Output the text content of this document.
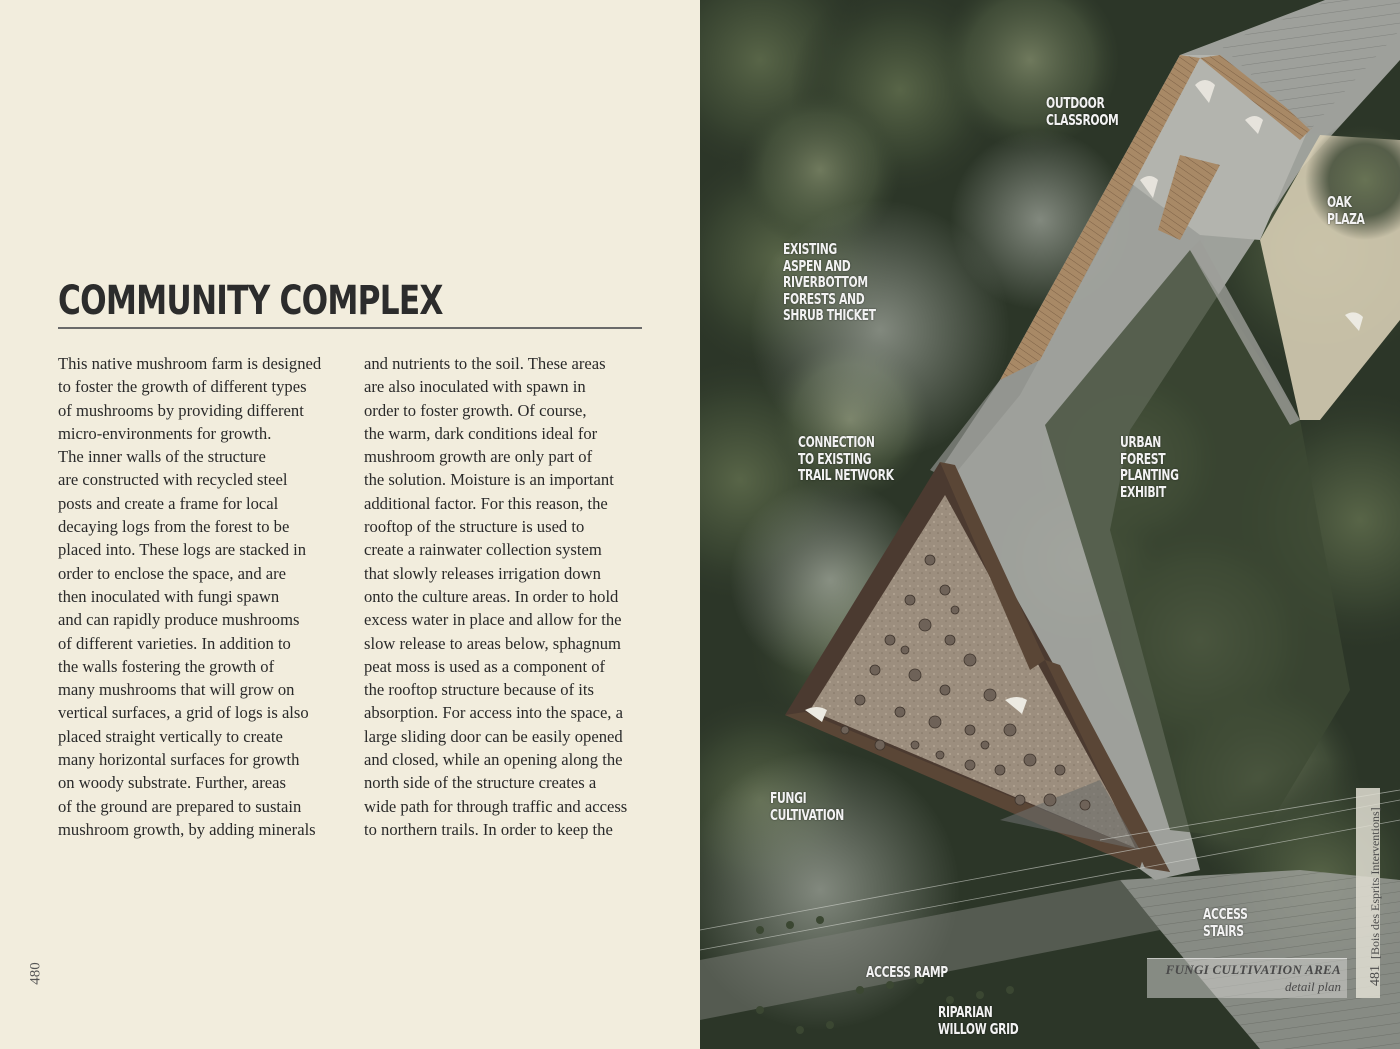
COMMUNITY COMPLEX
This native mushroom farm is designed
to foster the growth of different types
of mushrooms by providing different
micro-environments for growth.
The inner walls of the structure
are constructed with recycled steel
posts and create a frame for local
decaying logs from the forest to be
placed into. These logs are stacked in
order to enclose the space, and are
then inoculated with fungi spawn
and can rapidly produce mushrooms
of different varieties. In addition to
the walls fostering the growth of
many mushrooms that will grow on
vertical surfaces, a grid of logs is also
placed straight vertically to create
many horizontal surfaces for growth
on woody substrate. Further, areas
of the ground are prepared to sustain
mushroom growth, by adding minerals
and nutrients to the soil. These areas
are also inoculated with spawn in
order to foster growth. Of course,
the warm, dark conditions ideal for
mushroom growth are only part of
the solution. Moisture is an important
additional factor. For this reason, the
rooftop of the structure is used to
create a rainwater collection system
that slowly releases irrigation down
onto the culture areas. In order to hold
excess water in place and allow for the
slow release to areas below, sphagnum
peat moss is used as a component of
the rooftop structure because of its
absorption. For access into the space, a
large sliding door can be easily opened
and closed, while an opening along the
north side of the structure creates a
wide path for through traffic and access
to northern trails. In order to keep the
480
OUTDOOR
CLASSROOM
OAK
PLAZA
EXISTING
ASPEN AND
RIVERBOTTOM
FORESTS AND
SHRUB THICKET
CONNECTION
TO EXISTING
TRAIL NETWORK
URBAN
FOREST
PLANTING
EXHIBIT
FUNGI
CULTIVATION
ACCESS
STAIRS
ACCESS RAMP
RIPARIAN
WILLOW GRID
FUNGI CULTIVATION AREA
detail plan
481[Bois des Esprits Interventions]
